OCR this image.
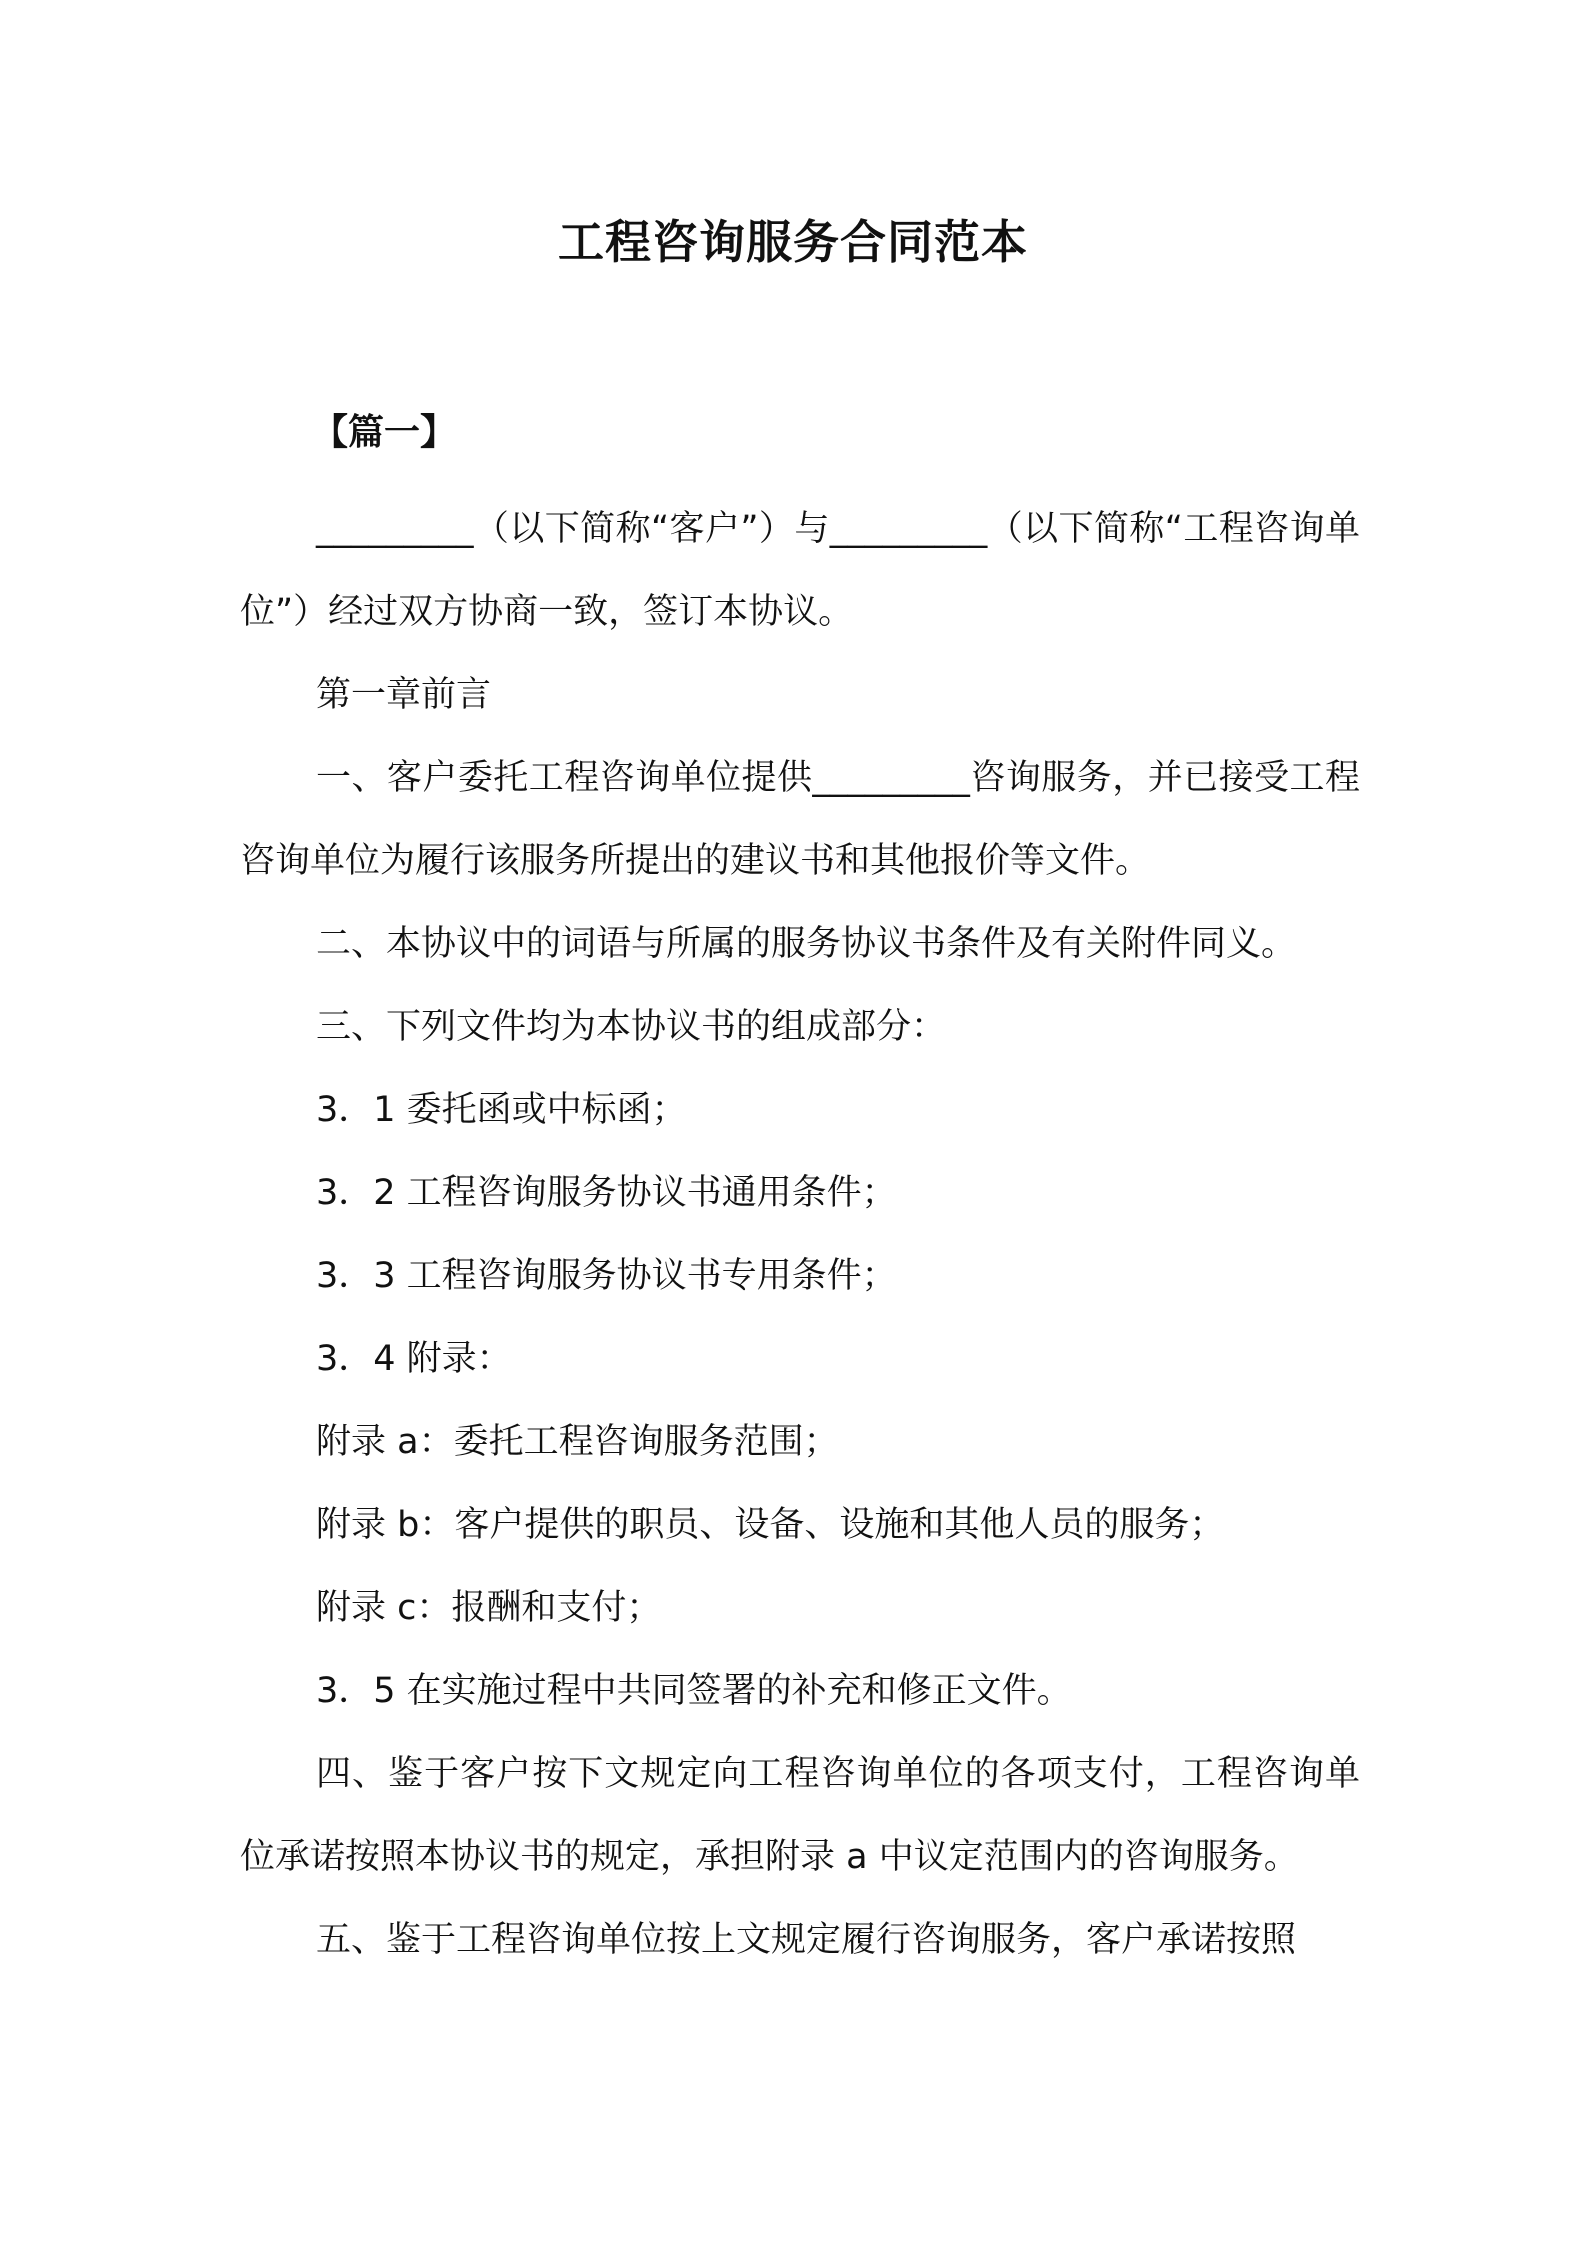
工程咨询服务合同范本
【篇一】

_________（以下简称“客户”）与_________（以下简称“工程咨询单位”）经过双方协商一致，签订本协议。

第一章前言

一、客户委托工程咨询单位提供_________咨询服务，并已接受工程咨询单位为履行该服务所提出的建议书和其他报价等文件。

二、本协议中的词语与所属的服务协议书条件及有关附件同义。

三、下列文件均为本协议书的组成部分：

3．1 委托函或中标函；

3．2 工程咨询服务协议书通用条件；

3．3 工程咨询服务协议书专用条件；

3．4 附录：

附录 a：委托工程咨询服务范围；

附录 b：客户提供的职员、设备、设施和其他人员的服务；

附录 c：报酬和支付；

3．5 在实施过程中共同签署的补充和修正文件。

四、鉴于客户按下文规定向工程咨询单位的各项支付，工程咨询单位承诺按照本协议书的规定，承担附录 a 中议定范围内的咨询服务。

五、鉴于工程咨询单位按上文规定履行咨询服务，客户承诺按照
